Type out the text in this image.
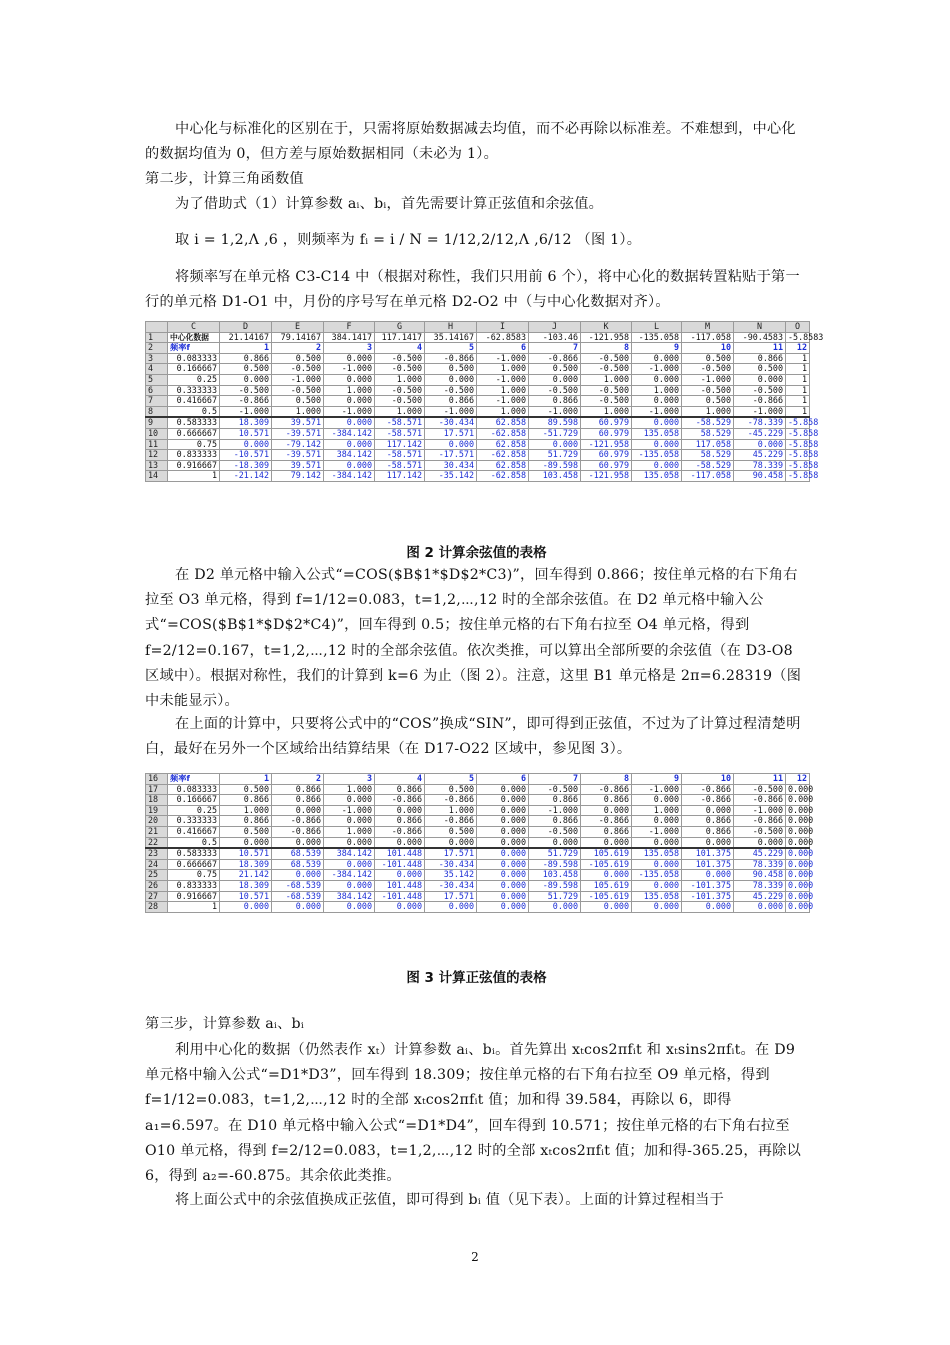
中心化与标准化的区别在于，只需将原始数据减去均值，而不必再除以标准差。不难想到，中心化的数据均值为 0，但方差与原始数据相同（未必为 1）。

第二步，计算三角函数值

为了借助式（1）计算参数 aᵢ、bᵢ，首先需要计算正弦值和余弦值。

取 i = 1,2,Λ ,6 ，则频率为 fᵢ = i / N = 1/12,2/12,Λ ,6/12 （图 1）。

将频率写在单元格 C3-C14 中（根据对称性，我们只用前 6 个），将中心化的数据转置粘贴于第一行的单元格 D1-O1 中，月份的序号写在单元格 D2-O2 中（与中心化数据对齐）。

	C	D	E	F	G	H	I	J	K	L	M	N	O
1	中心化数据	21.14167	79.14167	384.1417	117.1417	35.14167	-62.8583	-103.46	-121.958	-135.058	-117.058	-90.4583	-5.8583
2	频率f	1	2	3	4	5	6	7	8	9	10	11	12
3	0.083333	0.866	0.500	0.000	-0.500	-0.866	-1.000	-0.866	-0.500	0.000	0.500	0.866	1
4	0.166667	0.500	-0.500	-1.000	-0.500	0.500	1.000	0.500	-0.500	-1.000	-0.500	0.500	1
5	0.25	0.000	-1.000	0.000	1.000	0.000	-1.000	0.000	1.000	0.000	-1.000	0.000	1
6	0.333333	-0.500	-0.500	1.000	-0.500	-0.500	1.000	-0.500	-0.500	1.000	-0.500	-0.500	1
7	0.416667	-0.866	0.500	0.000	-0.500	0.866	-1.000	0.866	-0.500	0.000	0.500	-0.866	1
8	0.5	-1.000	1.000	-1.000	1.000	-1.000	1.000	-1.000	1.000	-1.000	1.000	-1.000	1
9	0.583333	18.309	39.571	0.000	-58.571	-30.434	62.858	89.598	60.979	0.000	-58.529	-78.339	-5.858
10	0.666667	10.571	-39.571	-384.142	-58.571	17.571	-62.858	-51.729	60.979	135.058	58.529	-45.229	-5.858
11	0.75	0.000	-79.142	0.000	117.142	0.000	62.858	0.000	-121.958	0.000	117.058	0.000	-5.858
12	0.833333	-10.571	-39.571	384.142	-58.571	-17.571	-62.858	51.729	60.979	-135.058	58.529	45.229	-5.858
13	0.916667	-18.309	39.571	0.000	-58.571	30.434	62.858	-89.598	60.979	0.000	-58.529	78.339	-5.858
14	1	-21.142	79.142	-384.142	117.142	-35.142	-62.858	103.458	-121.958	135.058	-117.058	90.458	-5.858
图 2 计算余弦值的表格

在 D2 单元格中输入公式“=COS($B$1*$D$2*C3)”，回车得到 0.866；按住单元格的右下角右拉至 O3 单元格，得到 f=1/12=0.083，t=1,2,⋯,12 时的全部余弦值。在 D2 单元格中输入公式“=COS($B$1*$D$2*C4)”，回车得到 0.5；按住单元格的右下角右拉至 O4 单元格，得到 f=2/12=0.167，t=1,2,⋯,12 时的全部余弦值。依次类推，可以算出全部所要的余弦值（在 D3-O8 区域中）。根据对称性，我们的计算到 k=6 为止（图 2）。注意，这里 B1 单元格是 2π=6.28319（图中未能显示）。

在上面的计算中，只要将公式中的“COS”换成“SIN”，即可得到正弦值，不过为了计算过程清楚明白，最好在另外一个区域给出结算结果（在 D17-O22 区域中，参见图 3）。

16	频率f	1	2	3	4	5	6	7	8	9	10	11	12
17	0.083333	0.500	0.866	1.000	0.866	0.500	0.000	-0.500	-0.866	-1.000	-0.866	-0.500	0.000
18	0.166667	0.866	0.866	0.000	-0.866	-0.866	0.000	0.866	0.866	0.000	-0.866	-0.866	0.000
19	0.25	1.000	0.000	-1.000	0.000	1.000	0.000	-1.000	0.000	1.000	0.000	-1.000	0.000
20	0.333333	0.866	-0.866	0.000	0.866	-0.866	0.000	0.866	-0.866	0.000	0.866	-0.866	0.000
21	0.416667	0.500	-0.866	1.000	-0.866	0.500	0.000	-0.500	0.866	-1.000	0.866	-0.500	0.000
22	0.5	0.000	0.000	0.000	0.000	0.000	0.000	0.000	0.000	0.000	0.000	0.000	0.000
23	0.583333	10.571	68.539	384.142	101.448	17.571	0.000	51.729	105.619	135.058	101.375	45.229	0.000
24	0.666667	18.309	68.539	0.000	-101.448	-30.434	0.000	-89.598	-105.619	0.000	101.375	78.339	0.000
25	0.75	21.142	0.000	-384.142	0.000	35.142	0.000	103.458	0.000	-135.058	0.000	90.458	0.000
26	0.833333	18.309	-68.539	0.000	101.448	-30.434	0.000	-89.598	105.619	0.000	-101.375	78.339	0.000
27	0.916667	10.571	-68.539	384.142	-101.448	17.571	0.000	51.729	-105.619	135.058	-101.375	45.229	0.000
28	1	0.000	0.000	0.000	0.000	0.000	0.000	0.000	0.000	0.000	0.000	0.000	0.000
图 3 计算正弦值的表格

第三步，计算参数 aᵢ、bᵢ

利用中心化的数据（仍然表作 xₜ）计算参数 aᵢ、bᵢ。首先算出 xₜcos2πfᵢt 和 xₜsins2πfᵢt。在 D9 单元格中输入公式“=D1*D3”，回车得到 18.309；按住单元格的右下角右拉至 O9 单元格，得到 f=1/12=0.083，t=1,2,⋯,12 时的全部 xₜcos2πfᵢt 值；加和得 39.584，再除以 6，即得 a₁=6.597。在 D10 单元格中输入公式“=D1*D4”，回车得到 10.571；按住单元格的右下角右拉至 O10 单元格，得到 f=2/12=0.083，t=1,2,⋯,12 时的全部 xₜcos2πfᵢt 值；加和得-365.25，再除以 6，得到 a₂=-60.875。其余依此类推。

将上面公式中的余弦值换成正弦值，即可得到 bᵢ 值（见下表）。上面的计算过程相当于

2
